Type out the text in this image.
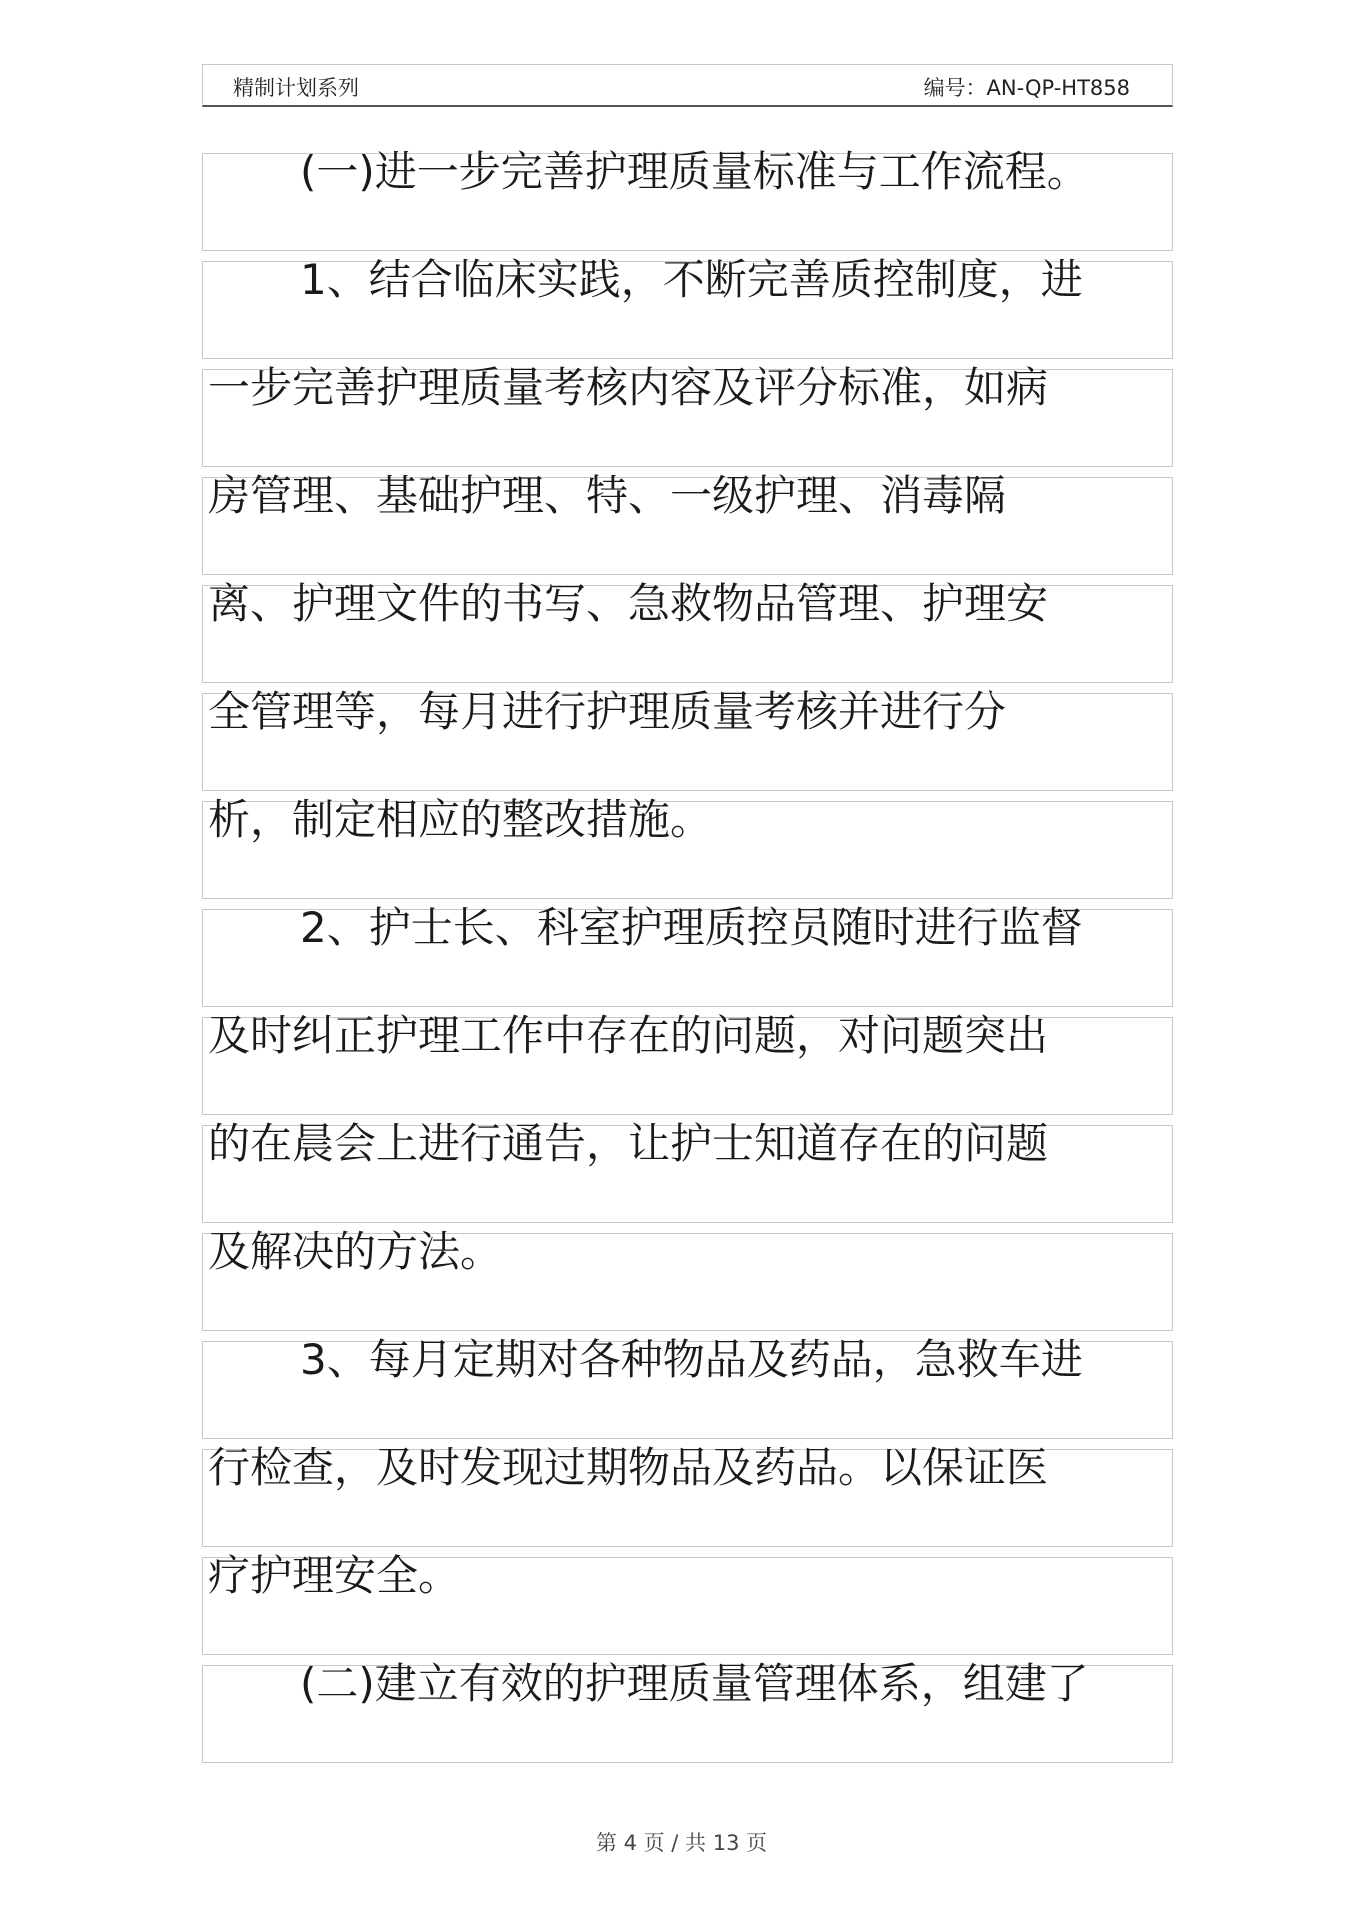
精制计划系列	编号：AN-QP-HT858
(一)进一步完善护理质量标准与工作流程。
1、结合临床实践，不断完善质控制度，进
一步完善护理质量考核内容及评分标准，如病
房管理、基础护理、特、一级护理、消毒隔
离、护理文件的书写、急救物品管理、护理安
全管理等，每月进行护理质量考核并进行分
析，制定相应的整改措施。
2、护士长、科室护理质控员随时进行监督
及时纠正护理工作中存在的问题，对问题突出
的在晨会上进行通告，让护士知道存在的问题
及解决的方法。
3、每月定期对各种物品及药品，急救车进
行检查，及时发现过期物品及药品。以保证医
疗护理安全。
(二)建立有效的护理质量管理体系，组建了
第 4 页 / 共 13 页
